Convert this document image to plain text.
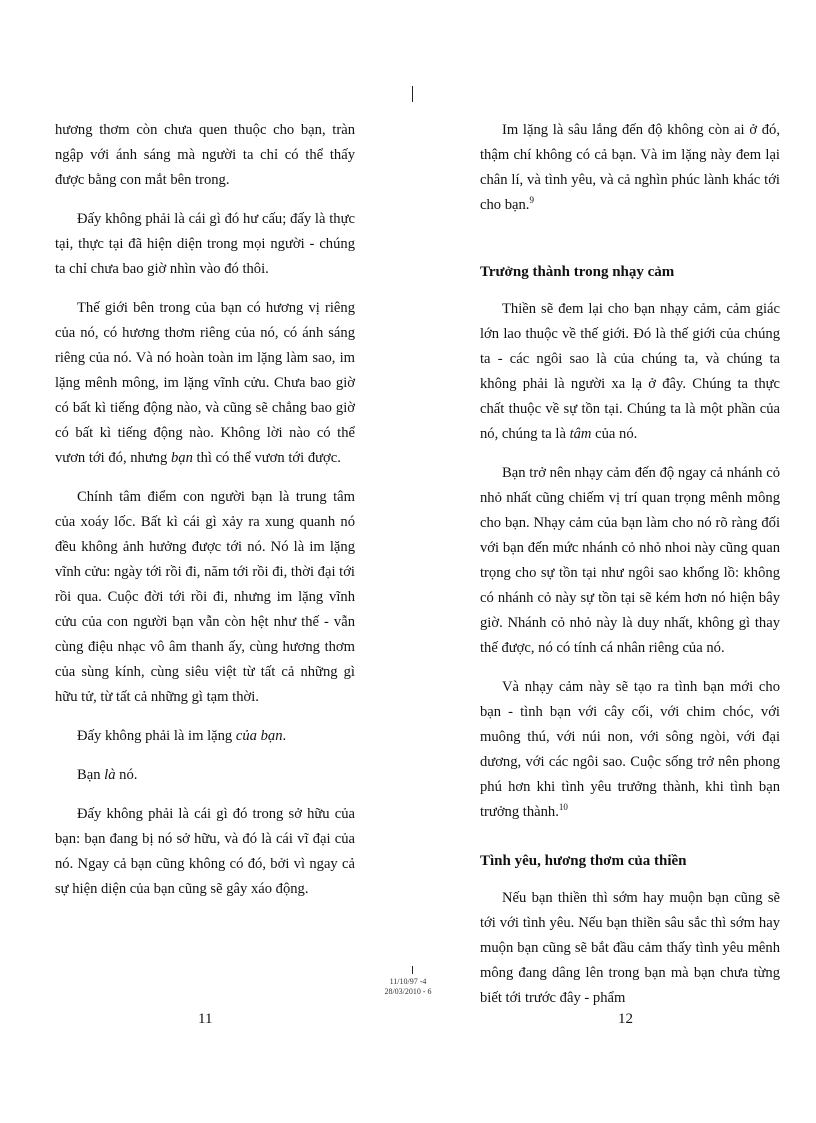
hương thơm còn chưa quen thuộc cho bạn, tràn ngập với ánh sáng mà người ta chỉ có thể thấy được bằng con mắt bên trong.

Đấy không phải là cái gì đó hư cấu; đấy là thực tại, thực tại đã hiện diện trong mọi người - chúng ta chỉ chưa bao giờ nhìn vào đó thôi.

Thế giới bên trong của bạn có hương vị riêng của nó, có hương thơm riêng của nó, có ánh sáng riêng của nó. Và nó hoàn toàn im lặng làm sao, im lặng mênh mông, im lặng vĩnh cửu. Chưa bao giờ có bất kì tiếng động nào, và cũng sẽ chẳng bao giờ có bất kì tiếng động nào. Không lời nào có thể vươn tới đó, nhưng bạn thì có thể vươn tới được.

Chính tâm điểm con người bạn là trung tâm của xoáy lốc. Bất kì cái gì xảy ra xung quanh nó đều không ảnh hưởng được tới nó. Nó là im lặng vĩnh cửu: ngày tới rồi đi, năm tới rồi đi, thời đại tới rồi qua. Cuộc đời tới rồi đi, nhưng im lặng vĩnh cửu của con người bạn vẫn còn hệt như thế - vẫn cùng điệu nhạc vô âm thanh ấy, cùng hương thơm của sùng kính, cùng siêu việt từ tất cả những gì hữu tử, từ tất cả những gì tạm thời.

Đấy không phải là im lặng của bạn.

Bạn là nó.

Đấy không phải là cái gì đó trong sở hữu của bạn: bạn đang bị nó sở hữu, và đó là cái vĩ đại của nó. Ngay cả bạn cũng không có đó, bởi vì ngay cả sự hiện diện của bạn cũng sẽ gây xáo động.

Im lặng là sâu lắng đến độ không còn ai ở đó, thậm chí không có cả bạn. Và im lặng này đem lại chân lí, và tình yêu, và cả nghìn phúc lành khác tới cho bạn.$^9$

Trưởng thành trong nhạy cảm

Thiền sẽ đem lại cho bạn nhạy cảm, cảm giác lớn lao thuộc về thế giới. Đó là thế giới của chúng ta - các ngôi sao là của chúng ta, và chúng ta không phải là người xa lạ ở đây. Chúng ta thực chất thuộc về sự tồn tại. Chúng ta là một phần của nó, chúng ta là tâm của nó.

Bạn trở nên nhạy cảm đến độ ngay cả nhánh cỏ nhỏ nhất cũng chiếm vị trí quan trọng mênh mông cho bạn. Nhạy cảm của bạn làm cho nó rõ ràng đối với bạn đến mức nhánh cỏ nhỏ nhoi này cũng quan trọng cho sự tồn tại như ngôi sao khổng lồ: không có nhánh cỏ này sự tồn tại sẽ kém hơn nó hiện bây giờ. Nhánh cỏ nhỏ này là duy nhất, không gì thay thế được, nó có tính cá nhân riêng của nó.

Và nhạy cảm này sẽ tạo ra tình bạn mới cho bạn - tình bạn với cây cối, với chim chóc, với muông thú, với núi non, với sông ngòi, với đại dương, với các ngôi sao. Cuộc sống trở nên phong phú hơn khi tình yêu trưởng thành, khi tình bạn trưởng thành.$^{10}$

Tình yêu, hương thơm của thiền

Nếu bạn thiền thì sớm hay muộn bạn cũng sẽ tới với tình yêu. Nếu bạn thiền sâu sắc thì sớm hay muộn bạn cũng sẽ bắt đầu cảm thấy tình yêu mênh mông đang dâng lên trong bạn mà bạn chưa từng biết tới trước đây - phẩm

11/10/97 -4
28/03/2010 - 6
11	12
